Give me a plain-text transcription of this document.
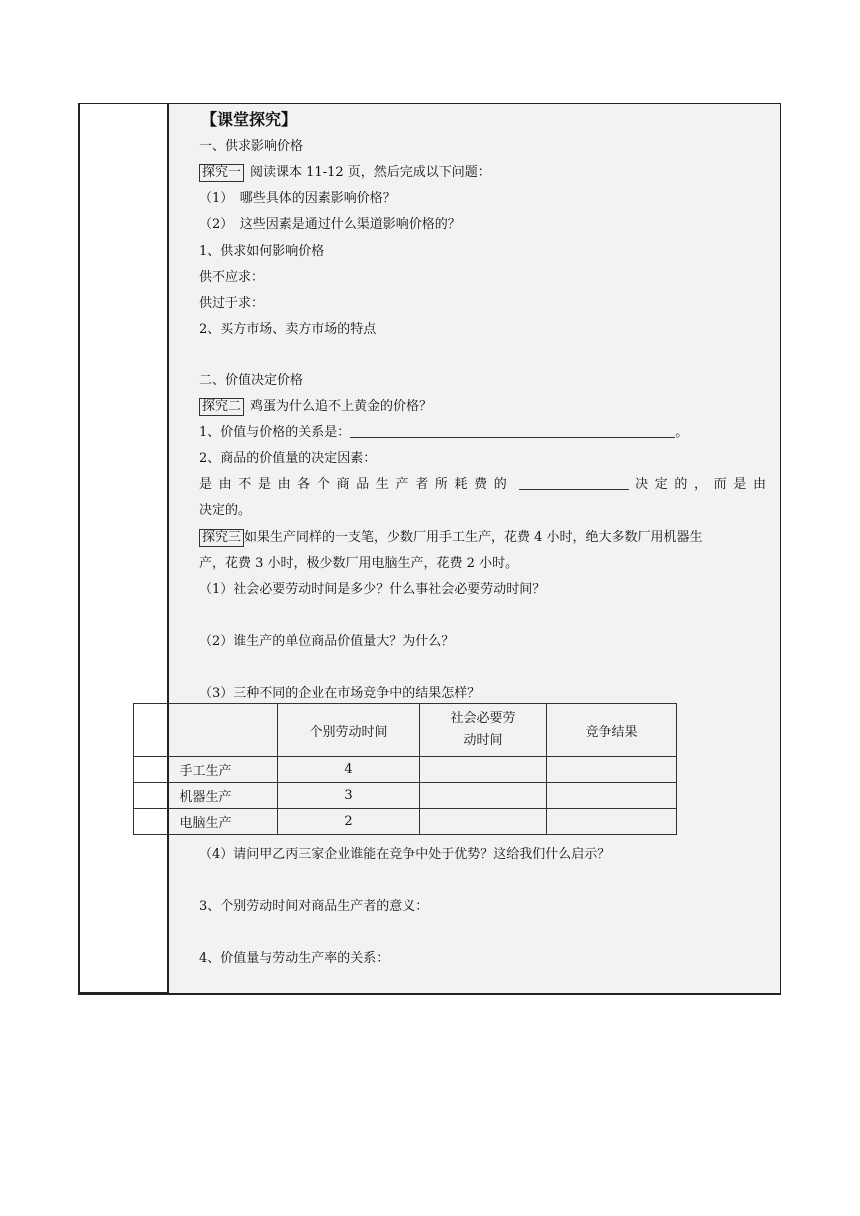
【课堂探究】
一、供求影响价格
探究一 阅读课本 11-12 页，然后完成以下问题：
（1）　哪些具体的因素影响价格？
（2）　这些因素是通过什么渠道影响价格的？
1、供求如何影响价格
供不应求：
供过于求：
2、买方市场、卖方市场的特点
二、价值决定价格
探究二 鸡蛋为什么追不上黄金的价格？
1、价值与价格的关系是：	。
2、商品的价值量的决定因素：
是由不是由各个商品生产者所耗费的	决定的，而是由
决定的。
探究三 如果生产同样的一支笔，少数厂用手工生产，花费 4 小时，绝大多数厂用机器生
产，花费 3 小时，极少数厂用电脑生产，花费 2 小时。
（1）社会必要劳动时间是多少？什么事社会必要劳动时间？
（2）谁生产的单位商品价值量大？为什么？
（3）三种不同的企业在市场竞争中的结果怎样？
（4）请问甲乙丙三家企业谁能在竞争中处于优势？这给我们什么启示？
3、个别劳动时间对商品生产者的意义：
4、价值量与劳动生产率的关系：
	个别劳动时间	社会必要劳
动时间	竞争结果
手工生产	4		
机器生产	3		
电脑生产	2		
